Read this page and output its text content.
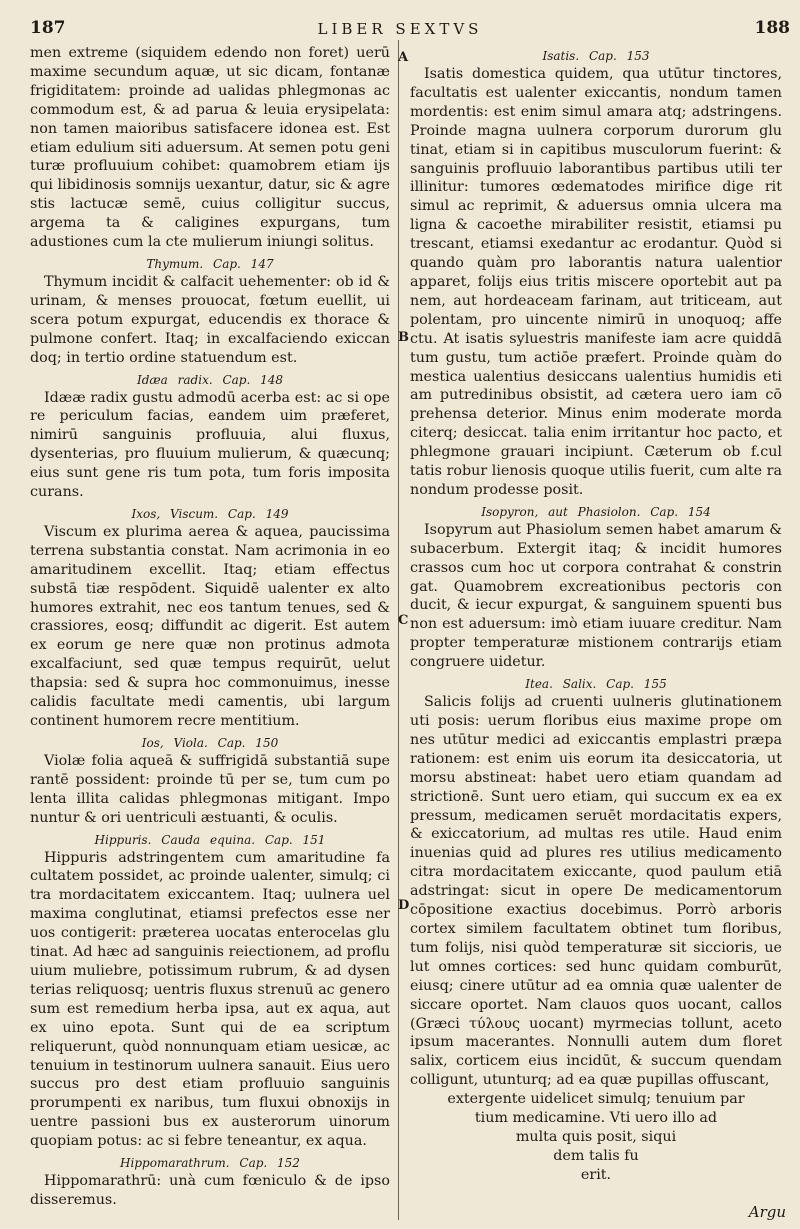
187	LIBER SEXTVS	188
A
B
C
D

men extreme (siquidem edendo non foret) uerū maxime secundum aquæ, ut sic dicam, fontanæ frigiditatem: proinde ad ualidas phlegmonas ac commodum est, & ad parua & leuia erysipelata: non tamen maioribus satisfacere idonea est. Est etiam edulium siti aduersum. At semen potu geni turæ profluuium cohibet: quamobrem etiam ijs qui libidinosis somnijs uexantur, datur, sic & agre stis lactucæ semē, cuius colligitur succus, argema ta & caligines expurgans, tum adustiones cum la cte mulierum iniungi solitus.

Thymum. Cap. 147

Thymum incidit & calfacit uehementer: ob id & urinam, & menses prouocat, fœtum euellit, ui scera potum expurgat, educendis ex thorace & pulmone confert. Itaq; in excalfaciendo exiccan doq; in tertio ordine statuendum est.

Idæa radix. Cap. 148

Idææ radix gustu admodū acerba est: ac si ope re periculum facias, eandem uim præferet, nimirū sanguinis profluuia, alui fluxus, dysenterias, pro fluuium mulierum, & quæcunq; eius sunt gene ris tum pota, tum foris imposita curans.

Ixos, Viscum. Cap. 149

Viscum ex plurima aerea & aquea, paucissima terrena substantia constat. Nam acrimonia in eo amaritudinem excellit. Itaq; etiam effectus substā tiæ respōdent. Siquidē ualenter ex alto humores extrahit, nec eos tantum tenues, sed & crassiores, eosq; diffundit ac digerit. Est autem ex eorum ge nere quæ non protinus admota excalfaciunt, sed quæ tempus requirūt, uelut thapsia: sed & supra hoc commonuimus, inesse calidis facultate medi camentis, ubi largum continent humorem recre mentitium.

Ios, Viola. Cap. 150

Violæ folia aqueā & suffrigidā substantiā supe rantē possident: proinde tū per se, tum cum po lenta illita calidas phlegmonas mitigant. Impo nuntur & ori uentriculi æstuanti, & oculis.

Hippuris. Cauda equina. Cap. 151

Hippuris adstringentem cum amaritudine fa cultatem possidet, ac proinde ualenter, simulq; ci tra mordacitatem exiccantem. Itaq; uulnera uel maxima conglutinat, etiamsi prefectos esse ner uos contigerit: præterea uocatas enterocelas glu tinat. Ad hæc ad sanguinis reiectionem, ad proflu uium muliebre, potissimum rubrum, & ad dysen terias reliquosq; uentris fluxus strenuū ac genero sum est remedium herba ipsa, aut ex aqua, aut ex uino epota. Sunt qui de ea scriptum reliquerunt, quòd nonnunquam etiam uesicæ, ac tenuium in testinorum uulnera sanauit. Eius uero succus pro dest etiam profluuio sanguinis prorumpenti ex naribus, tum fluxui obnoxijs in uentre passioni bus ex austerorum uinorum quopiam potus: ac si febre teneantur, ex aqua.

Hippomarathrum. Cap. 152

Hippomarathrū: unà cum fœniculo & de ipso disseremus.

Isatis. Cap. 153

Isatis domestica quidem, qua utūtur tinctores, facultatis est ualenter exiccantis, nondum tamen mordentis: est enim simul amara atq; adstringens. Proinde magna uulnera corporum durorum glu tinat, etiam si in capitibus musculorum fuerint: & sanguinis profluuio laborantibus partibus utili ter illinitur: tumores œdematodes mirifice dige rit simul ac reprimit, & aduersus omnia ulcera ma ligna & cacoethe mirabiliter resistit, etiamsi pu trescant, etiamsi exedantur ac erodantur. Quòd si quando quàm pro laborantis natura ualentior apparet, folijs eius tritis miscere oportebit aut pa nem, aut hordeaceam farinam, aut triticeam, aut polentam, pro uincente nimirū in unoquoq; affe ctu. At isatis syluestris manifeste iam acre quiddā tum gustu, tum actiōe præfert. Proinde quàm do mestica ualentius desiccans ualentius humidis eti am putredinibus obsistit, ad cætera uero iam cō prehensa deterior. Minus enim moderate morda citerq; desiccat. talia enim irritantur hoc pacto, et phlegmone grauari incipiunt. Cæterum ob f.cul tatis robur lienosis quoque utilis fuerit, cum alte ra nondum prodesse posit.

Isopyron, aut Phasiolon. Cap. 154

Isopyrum aut Phasiolum semen habet amarum & subacerbum. Extergit itaq; & incidit humores crassos cum hoc ut corpora contrahat & constrin gat. Quamobrem excreationibus pectoris con ducit, & iecur expurgat, & sanguinem spuenti bus non est aduersum: imò etiam iuuare creditur. Nam propter temperaturæ mistionem contrarijs etiam congruere uidetur.

Itea. Salix. Cap. 155

Salicis folijs ad cruenti uulneris glutinationem uti posis: uerum floribus eius maxime prope om nes utūtur medici ad exiccantis emplastri præpa rationem: est enim uis eorum ita desiccatoria, ut morsu abstineat: habet uero etiam quandam ad strictionē. Sunt uero etiam, qui succum ex ea ex pressum, medicamen seruēt mordacitatis expers, & exiccatorium, ad multas res utile. Haud enim inuenias quid ad plures res utilius medicamento citra mordacitatem exiccante, quod paulum etiā adstringat: sicut in opere De medicamentorum cōpositione exactius docebimus. Porrò arboris cortex similem facultatem obtinet tum floribus, tum folijs, nisi quòd temperaturæ sit siccioris, ue lut omnes cortices: sed hunc quidam comburūt, eiusq; cinere utūtur ad ea omnia quæ ualenter de siccare oportet. Nam clauos quos uocant, callos (Græci τύλους uocant) myrmecias tollunt, aceto ipsum macerantes. Nonnulli autem dum floret salix, corticem eius incidūt, & succum quendam colligunt, utunturq; ad ea quæ pupillas offuscant,

extergente uidelicet simulq; tenuium par

tium medicamine. Vti uero illo ad

multa quis posit, siqui

dem talis fu

erit.

Argu
